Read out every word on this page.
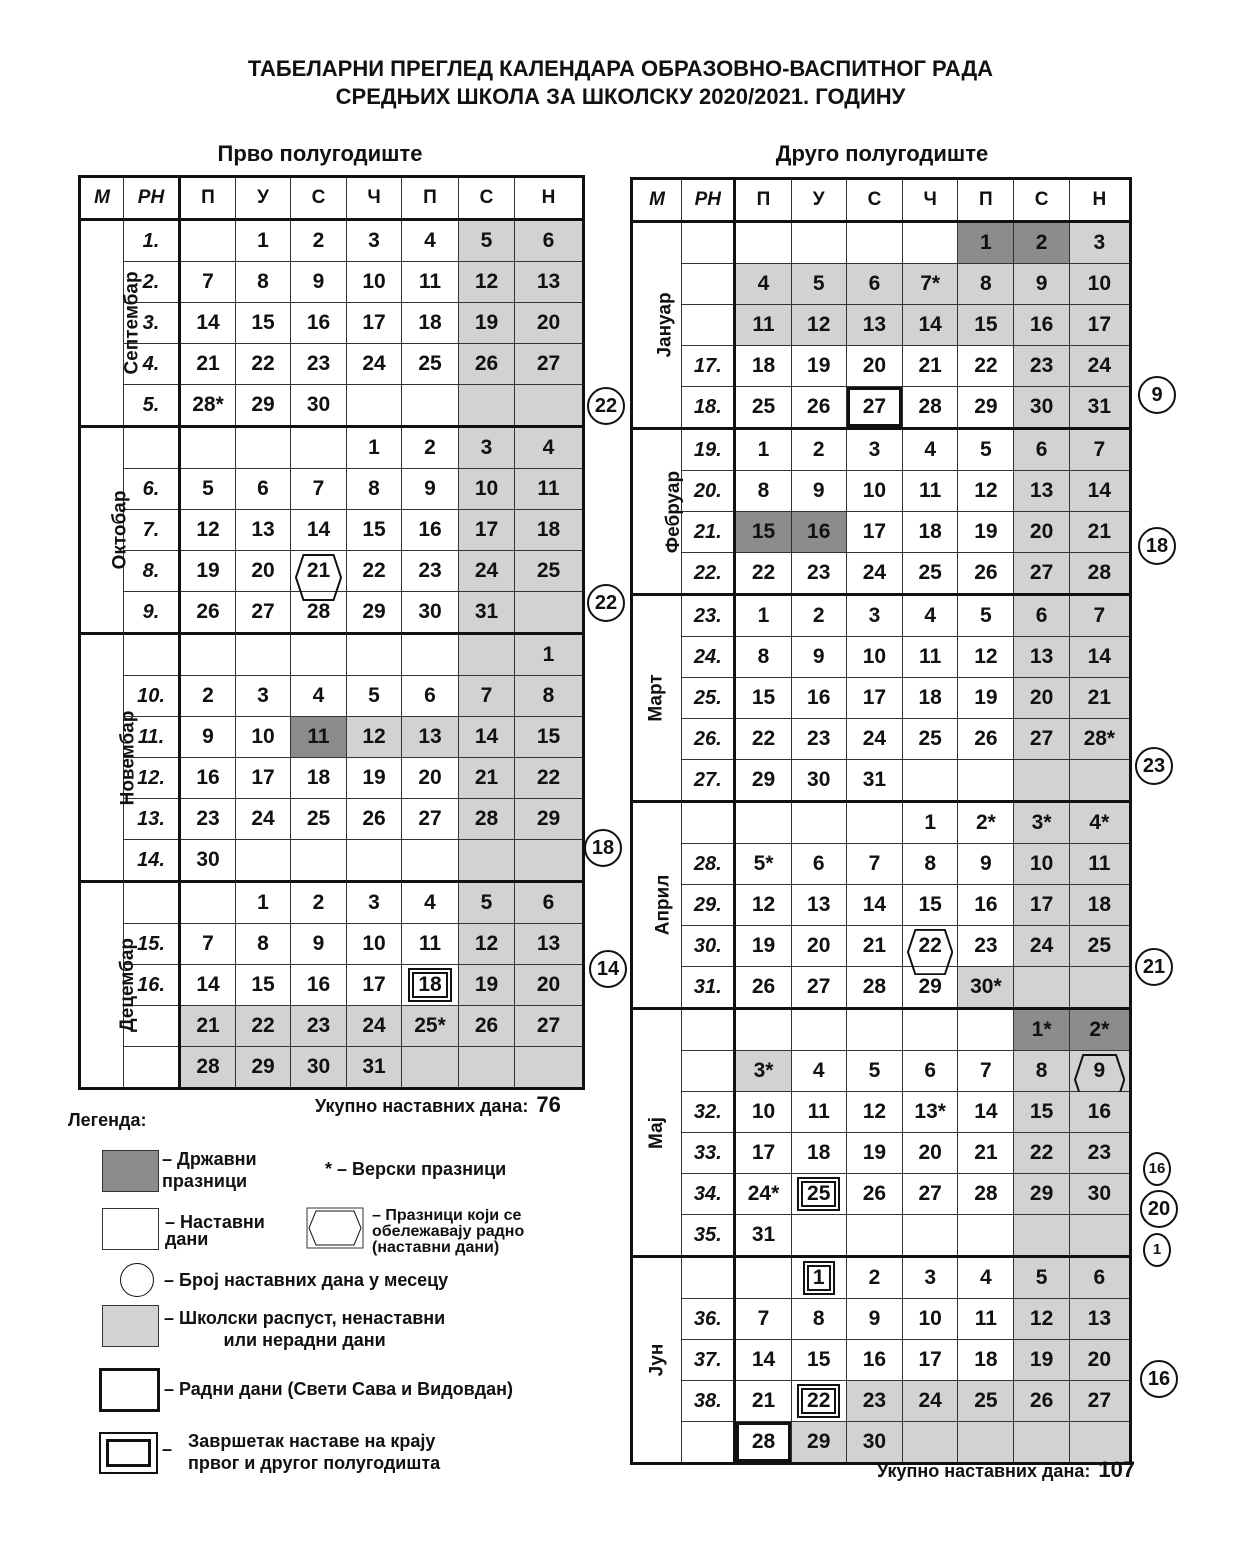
ТАБЕЛАРНИ ПРЕГЛЕД КАЛЕНДАРА ОБРАЗОВНО-ВАСПИТНОГ РАДА
СРЕДЊИХ ШКОЛА ЗА ШКОЛСКУ 2020/2021. ГОДИНУ
Прво полугодиште	Друго полугодиште
М	РН	П	У	С	Ч	П	С	Н
Септембар	1.		1	2	3	4	5	6
	2.	7	8	9	10	11	12	13
	3.	14	15	16	17	18	19	20
	4.	21	22	23	24	25	26	27
	5.	28*	29	30				
Октобар					1	2	3	4
	6.	5	6	7	8	9	10	11
	7.	12	13	14	15	16	17	18
	8.	19	20	21	22	23	24	25
	9.	26	27	28	29	30	31	
Новембар								1
	10.	2	3	4	5	6	7	8
	11.	9	10	11	12	13	14	15
	12.	16	17	18	19	20	21	22
	13.	23	24	25	26	27	28	29
	14.	30						
Децембар			1	2	3	4	5	6
	15.	7	8	9	10	11	12	13
	16.	14	15	16	17	18	19	20
		21	22	23	24	25*	26	27
		28	29	30	31			
М	РН	П	У	С	Ч	П	С	Н
Јануар						1	2	3
		4	5	6	7*	8	9	10
		11	12	13	14	15	16	17
	17.	18	19	20	21	22	23	24
	18.	25	26	27	28	29	30	31
Фебруар	19.	1	2	3	4	5	6	7
	20.	8	9	10	11	12	13	14
	21.	15	16	17	18	19	20	21
	22.	22	23	24	25	26	27	28
Март	23.	1	2	3	4	5	6	7
	24.	8	9	10	11	12	13	14
	25.	15	16	17	18	19	20	21
	26.	22	23	24	25	26	27	28*
	27.	29	30	31				
Април					1	2*	3*	4*
	28.	5*	6	7	8	9	10	11
	29.	12	13	14	15	16	17	18
	30.	19	20	21	22	23	24	25
	31.	26	27	28	29	30*		
Мај							1*	2*
		3*	4	5	6	7	8	9
	32.	10	11	12	13*	14	15	16
	33.	17	18	19	20	21	22	23
	34.	24*	25	26	27	28	29	30
	35.	31						
Јун			1	2	3	4	5	6
	36.	7	8	9	10	11	12	13
	37.	14	15	16	17	18	19	20
	38.	21	22	23	24	25	26	27
		28	29	30				
22
22
18
14
9
18
23
21
16
20
1
16
Укупно наставних дана: 76
Укупно наставних дана: 107
Легенда:
– Државни
празници
* – Верски празници
– Наставни
дани
– Празници који се обележавају радно (наставни дани)
– Број наставних дана у месецу
– Школски распуст, ненаставни
или нерадни дани
– Радни дани (Свети Сава и Видовдан)
– Завршетак наставе на крају
првог и другог полугодишта
